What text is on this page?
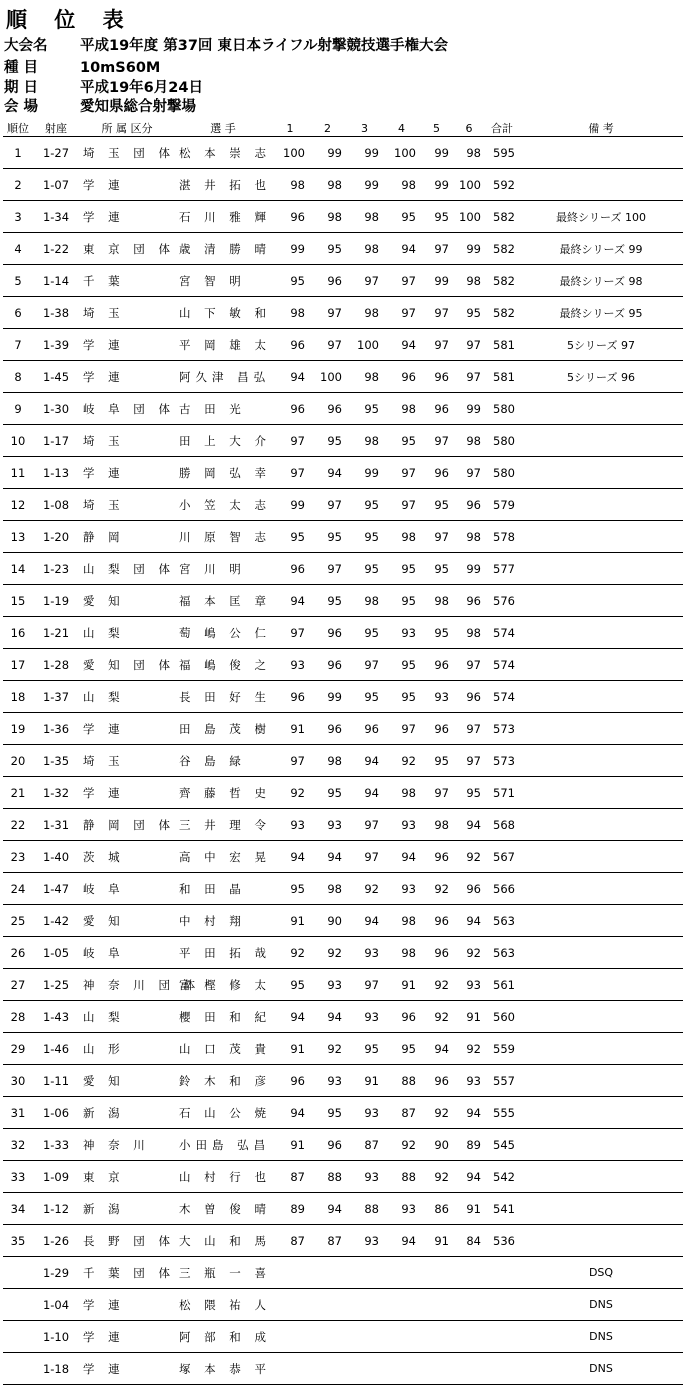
順 位 表
大会名 平成19年度 第37回 東日本ライフル射撃競技選手権大会
種 目	10mS60M
期 日	平成19年6月24日
会 場	愛知県総合射撃場
順位	射座	所 属 区分	選 手	1	2	3	4	5	6	合計	備 考
1	1-27	埼 玉 団 体	松 本 崇 志	100	99	99	100	99	98	595	
2	1-07	学 連	湛 井 拓 也	98	98	99	98	99	100	592	
3	1-34	学 連	石 川 雅 輝	96	98	98	95	95	100	582	最終シリーズ 100
4	1-22	東 京 団 体	歳 清 勝 晴	99	95	98	94	97	99	582	最終シリーズ 99
5	1-14	千 葉	宮 智 明	95	96	97	97	99	98	582	最終シリーズ 98
6	1-38	埼 玉	山 下 敏 和	98	97	98	97	97	95	582	最終シリーズ 95
7	1-39	学 連	平 岡 雄 太	96	97	100	94	97	97	581	5シリーズ 97
8	1-45	学 連	阿久津 昌弘	94	100	98	96	96	97	581	5シリーズ 96
9	1-30	岐 阜 団 体	古 田 光	96	96	95	98	96	99	580	
10	1-17	埼 玉	田 上 大 介	97	95	98	95	97	98	580	
11	1-13	学 連	勝 岡 弘 幸	97	94	99	97	96	97	580	
12	1-08	埼 玉	小 笠 太 志	99	97	95	97	95	96	579	
13	1-20	静 岡	川 原 智 志	95	95	95	98	97	98	578	
14	1-23	山 梨 団 体	宮 川 明	96	97	95	95	95	99	577	
15	1-19	愛 知	福 本 匡 章	94	95	98	95	98	96	576	
16	1-21	山 梨	萄 嶋 公 仁	97	96	95	93	95	98	574	
17	1-28	愛 知 団 体	福 嶋 俊 之	93	96	97	95	96	97	574	
18	1-37	山 梨	長 田 好 生	96	99	95	95	93	96	574	
19	1-36	学 連	田 島 茂 樹	91	96	96	97	96	97	573	
20	1-35	埼 玉	谷 島 緑	97	98	94	92	95	97	573	
21	1-32	学 連	齊 藤 哲 史	92	95	94	98	97	95	571	
22	1-31	静 岡 団 体	三 井 理 令	93	93	97	93	98	94	568	
23	1-40	茨 城	高 中 宏 晃	94	94	97	94	96	92	567	
24	1-47	岐 阜	和 田 晶	95	98	92	93	92	96	566	
25	1-42	愛 知	中 村 翔	91	90	94	98	96	94	563	
26	1-05	岐 阜	平 田 拓 哉	92	92	93	98	96	92	563	
27	1-25	神 奈 川 団 体	富 樫 修 太	95	93	97	91	92	93	561	
28	1-43	山 梨	櫻 田 和 紀	94	94	93	96	92	91	560	
29	1-46	山 形	山 口 茂 貴	91	92	95	95	94	92	559	
30	1-11	愛 知	鈴 木 和 彦	96	93	91	88	96	93	557	
31	1-06	新 潟	石 山 公 焼	94	95	93	87	92	94	555	
32	1-33	神 奈 川	小田島 弘昌	91	96	87	92	90	89	545	
33	1-09	東 京	山 村 行 也	87	88	93	88	92	94	542	
34	1-12	新 潟	木 曽 俊 晴	89	94	88	93	86	91	541	
35	1-26	長 野 団 体	大 山 和 馬	87	87	93	94	91	84	536	
	1-29	千 葉 団 体	三 瓶 一 喜								DSQ
	1-04	学 連	松 隈 祐 人								DNS
	1-10	学 連	阿 部 和 成								DNS
	1-18	学 連	塚 本 恭 平								DNS
